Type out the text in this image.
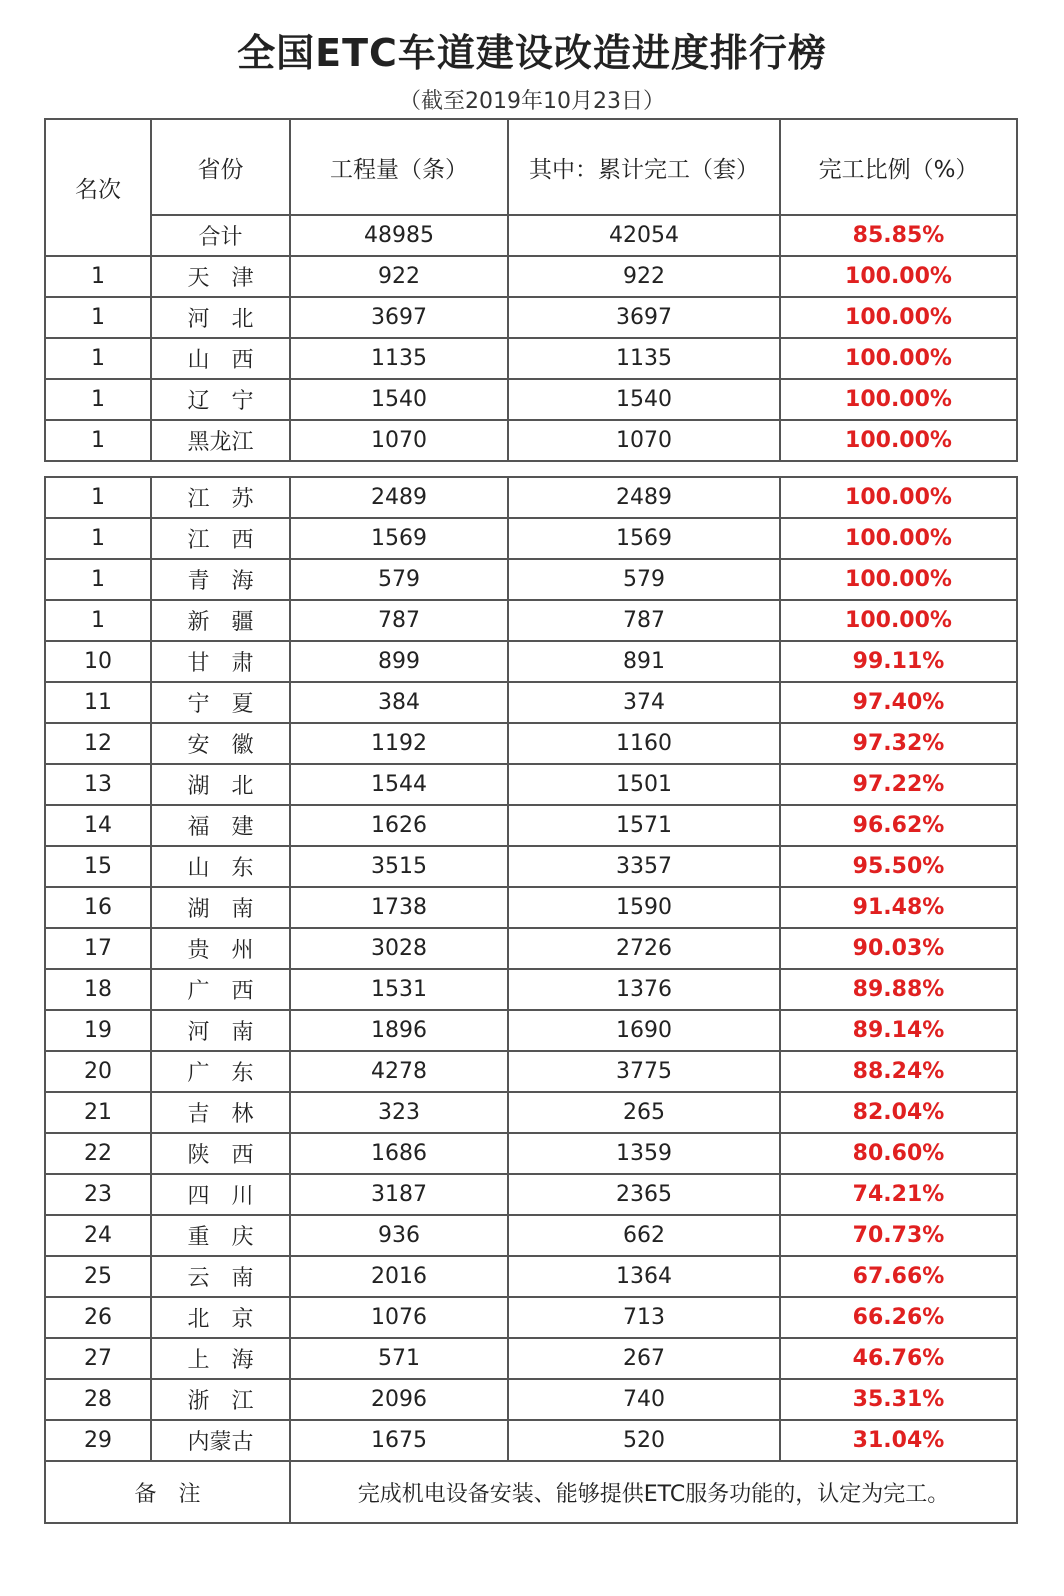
全国ETC车道建设改造进度排行榜
（截至2019年10月23日）
名次	省份	工程量（条）	其中：累计完工（套）	完工比例（%）
	合计	48985	42054	85.85%
1	天　津	922	922	100.00%
1	河　北	3697	3697	100.00%
1	山　西	1135	1135	100.00%
1	辽　宁	1540	1540	100.00%
1	黑龙江	1070	1070	100.00%
1	江　苏	2489	2489	100.00%
1	江　西	1569	1569	100.00%
1	青　海	579	579	100.00%
1	新　疆	787	787	100.00%
10	甘　肃	899	891	99.11%
11	宁　夏	384	374	97.40%
12	安　徽	1192	1160	97.32%
13	湖　北	1544	1501	97.22%
14	福　建	1626	1571	96.62%
15	山　东	3515	3357	95.50%
16	湖　南	1738	1590	91.48%
17	贵　州	3028	2726	90.03%
18	广　西	1531	1376	89.88%
19	河　南	1896	1690	89.14%
20	广　东	4278	3775	88.24%
21	吉　林	323	265	82.04%
22	陕　西	1686	1359	80.60%
23	四　川	3187	2365	74.21%
24	重　庆	936	662	70.73%
25	云　南	2016	1364	67.66%
26	北　京	1076	713	66.26%
27	上　海	571	267	46.76%
28	浙　江	2096	740	35.31%
29	内蒙古	1675	520	31.04%
备　注		完成机电设备安装、能够提供ETC服务功能的，认定为完工。		
